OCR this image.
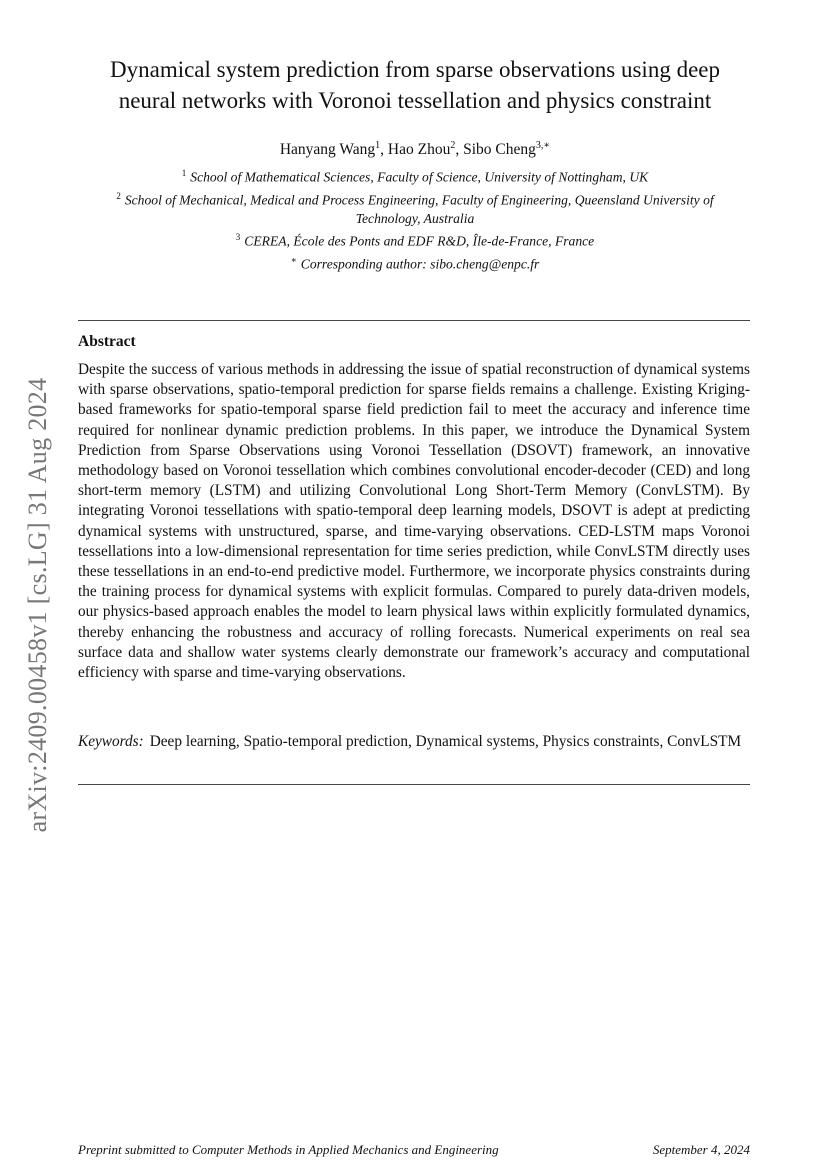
arXiv:2409.00458v1 [cs.LG] 31 Aug 2024
Dynamical system prediction from sparse observations using deep
neural networks with Voronoi tessellation and physics constraint
Hanyang Wang$^1$, Hao Zhou$^2$, Sibo Cheng$^{3,∗}$
$^1$ School of Mathematical Sciences, Faculty of Science, University of Nottingham, UK
$^2$ School of Mechanical, Medical and Process Engineering, Faculty of Engineering, Queensland University of Technology, Australia
$^3$ CEREA, École des Ponts and EDF R&D, Île-de-France, France
∗ Corresponding author: sibo.cheng@enpc.fr
Abstract
Despite the success of various methods in addressing the issue of spatial reconstruction of dynamical systems with sparse observations, spatio-temporal prediction for sparse fields remains a challenge. Existing Kriging-based frameworks for spatio-temporal sparse field prediction fail to meet the accuracy and inference time required for nonlinear dynamic prediction problems. In this paper, we introduce the Dynamical System Prediction from Sparse Observations using Voronoi Tessellation (DSOVT) framework, an innovative methodology based on Voronoi tessellation which combines convolutional encoder-decoder (CED) and long short-term memory (LSTM) and utilizing Convolutional Long Short-Term Memory (ConvLSTM). By integrating Voronoi tessellations with spatio-temporal deep learning models, DSOVT is adept at predicting dynamical systems with unstructured, sparse, and time-varying observations. CED-LSTM maps Voronoi tessellations into a low-dimensional representation for time series prediction, while ConvLSTM directly uses these tessellations in an end-to-end predictive model. Furthermore, we incorporate physics constraints during the training process for dynamical systems with explicit formulas. Compared to purely data-driven models, our physics-based approach enables the model to learn physical laws within explicitly formulated dynamics, thereby enhancing the robustness and accuracy of rolling forecasts. Numerical experiments on real sea surface data and shallow water systems clearly demonstrate our framework’s accuracy and computational efficiency with sparse and time-varying observations.
Keywords: Deep learning, Spatio-temporal prediction, Dynamical systems, Physics constraints, ConvLSTM
Preprint submitted to Computer Methods in Applied Mechanics and Engineering	September 4, 2024
